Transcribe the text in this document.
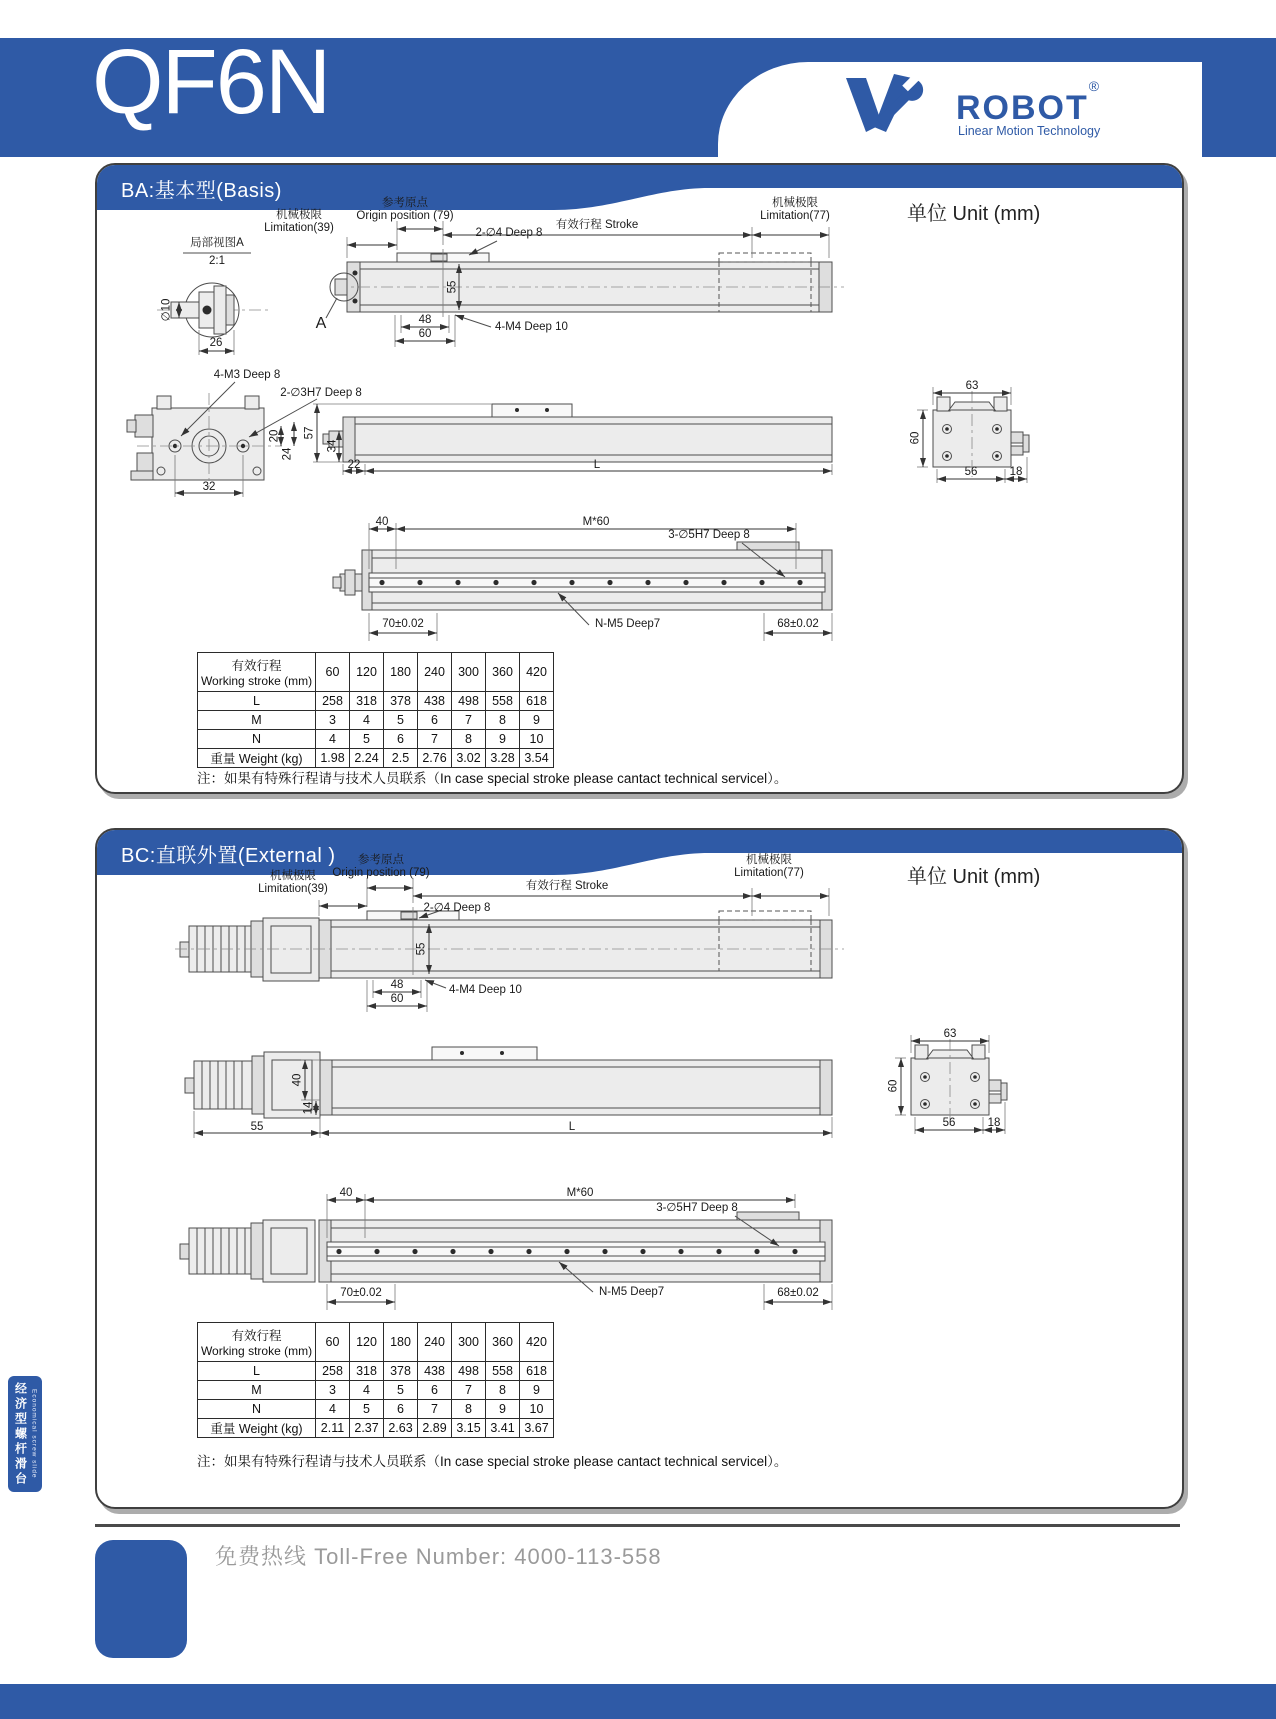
QF6N	ROBOT®
Linear Motion Technology
BA:基本型(Basis)
单位 Unit (mm)
局部视图A
2:1
∅10
26
A
机械极限
Limitation(39)
参考原点
Origin position (79)
有效行程 Stroke
机械极限
Limitation(77)
2-∅4 Deep 8
55
48
60
4-M4 Deep 10
4-M3 Deep 8
2-∅3H7 Deep 8
20
24
32
57
34
22	L
63
60
56	18
40	M*60
3-∅5H7 Deep 8
70±0.02	N-M5 Deep7	68±0.02
有效行程
Working stroke (mm)	60	120	180	240	300	360	420
L	258	318	378	438	498	558	618
M	3	4	5	6	7	8	9
N	4	5	6	7	8	9	10
重量 Weight (kg)	1.98	2.24	2.5	2.76	3.02	3.28	3.54
注：如果有特殊行程请与技术人员联系（In case special stroke please cantact technical servicel）。
BC:直联外置(External )
单位 Unit (mm)
机械极限
Limitation(39)
参考原点
Origin position (79)
有效行程 Stroke
机械极限
Limitation(77)
2-∅4 Deep 8
55
48
60
4-M4 Deep 10
40
14
55	L
63
60
56	18
40	M*60
3-∅5H7 Deep 8
70±0.02	N-M5 Deep7	68±0.02
有效行程
Working stroke (mm)	60	120	180	240	300	360	420
L	258	318	378	438	498	558	618
M	3	4	5	6	7	8	9
N	4	5	6	7	8	9	10
重量 Weight (kg)	2.11	2.37	2.63	2.89	3.15	3.41	3.67
注：如果有特殊行程请与技术人员联系（In case special stroke please cantact technical servicel）。
经济型螺杆滑台 Economical screw slide
免费热线 Toll-Free Number: 4000-113-558
